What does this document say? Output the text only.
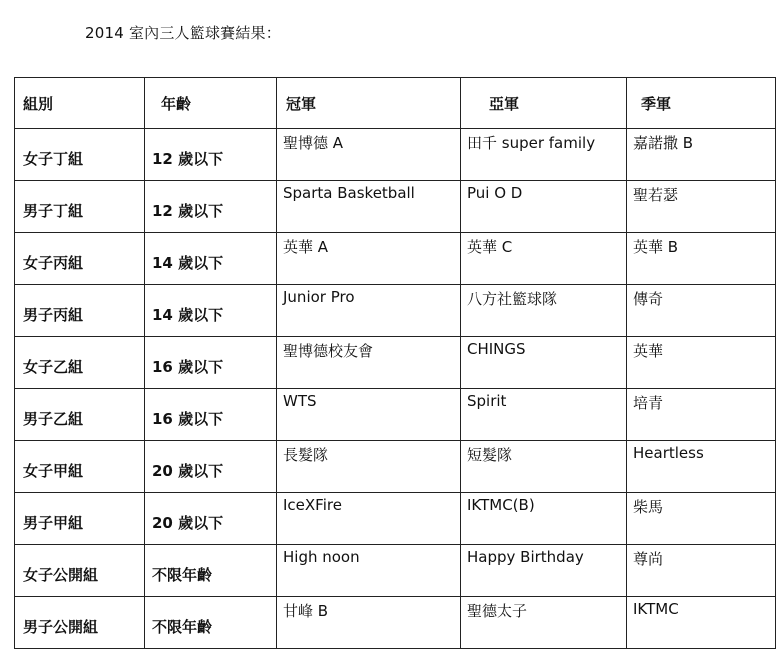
2014 室內三人籃球賽結果：
組別	年齡	冠軍	亞軍	季軍

女子丁組	12 歲以下	聖博德 A	田千 super family	嘉諾撒 B

男子丁組	12 歲以下	Sparta Basketball	Pui O D	聖若瑟

女子丙組	14 歲以下	英華 A	英華 C	英華 B

男子丙組	14 歲以下	Junior Pro	八方社籃球隊	傳奇

女子乙組	16 歲以下	聖博德校友會	CHINGS	英華

男子乙組	16 歲以下	WTS	Spirit	培青

女子甲組	20 歲以下	長髮隊	短髮隊	Heartless

男子甲組	20 歲以下	IceXFire	IKTMC(B)	柴馬

女子公開組	不限年齡	High noon	Happy Birthday	尊尚

男子公開組	不限年齡	甘峰 B	聖德太子	IKTMC
